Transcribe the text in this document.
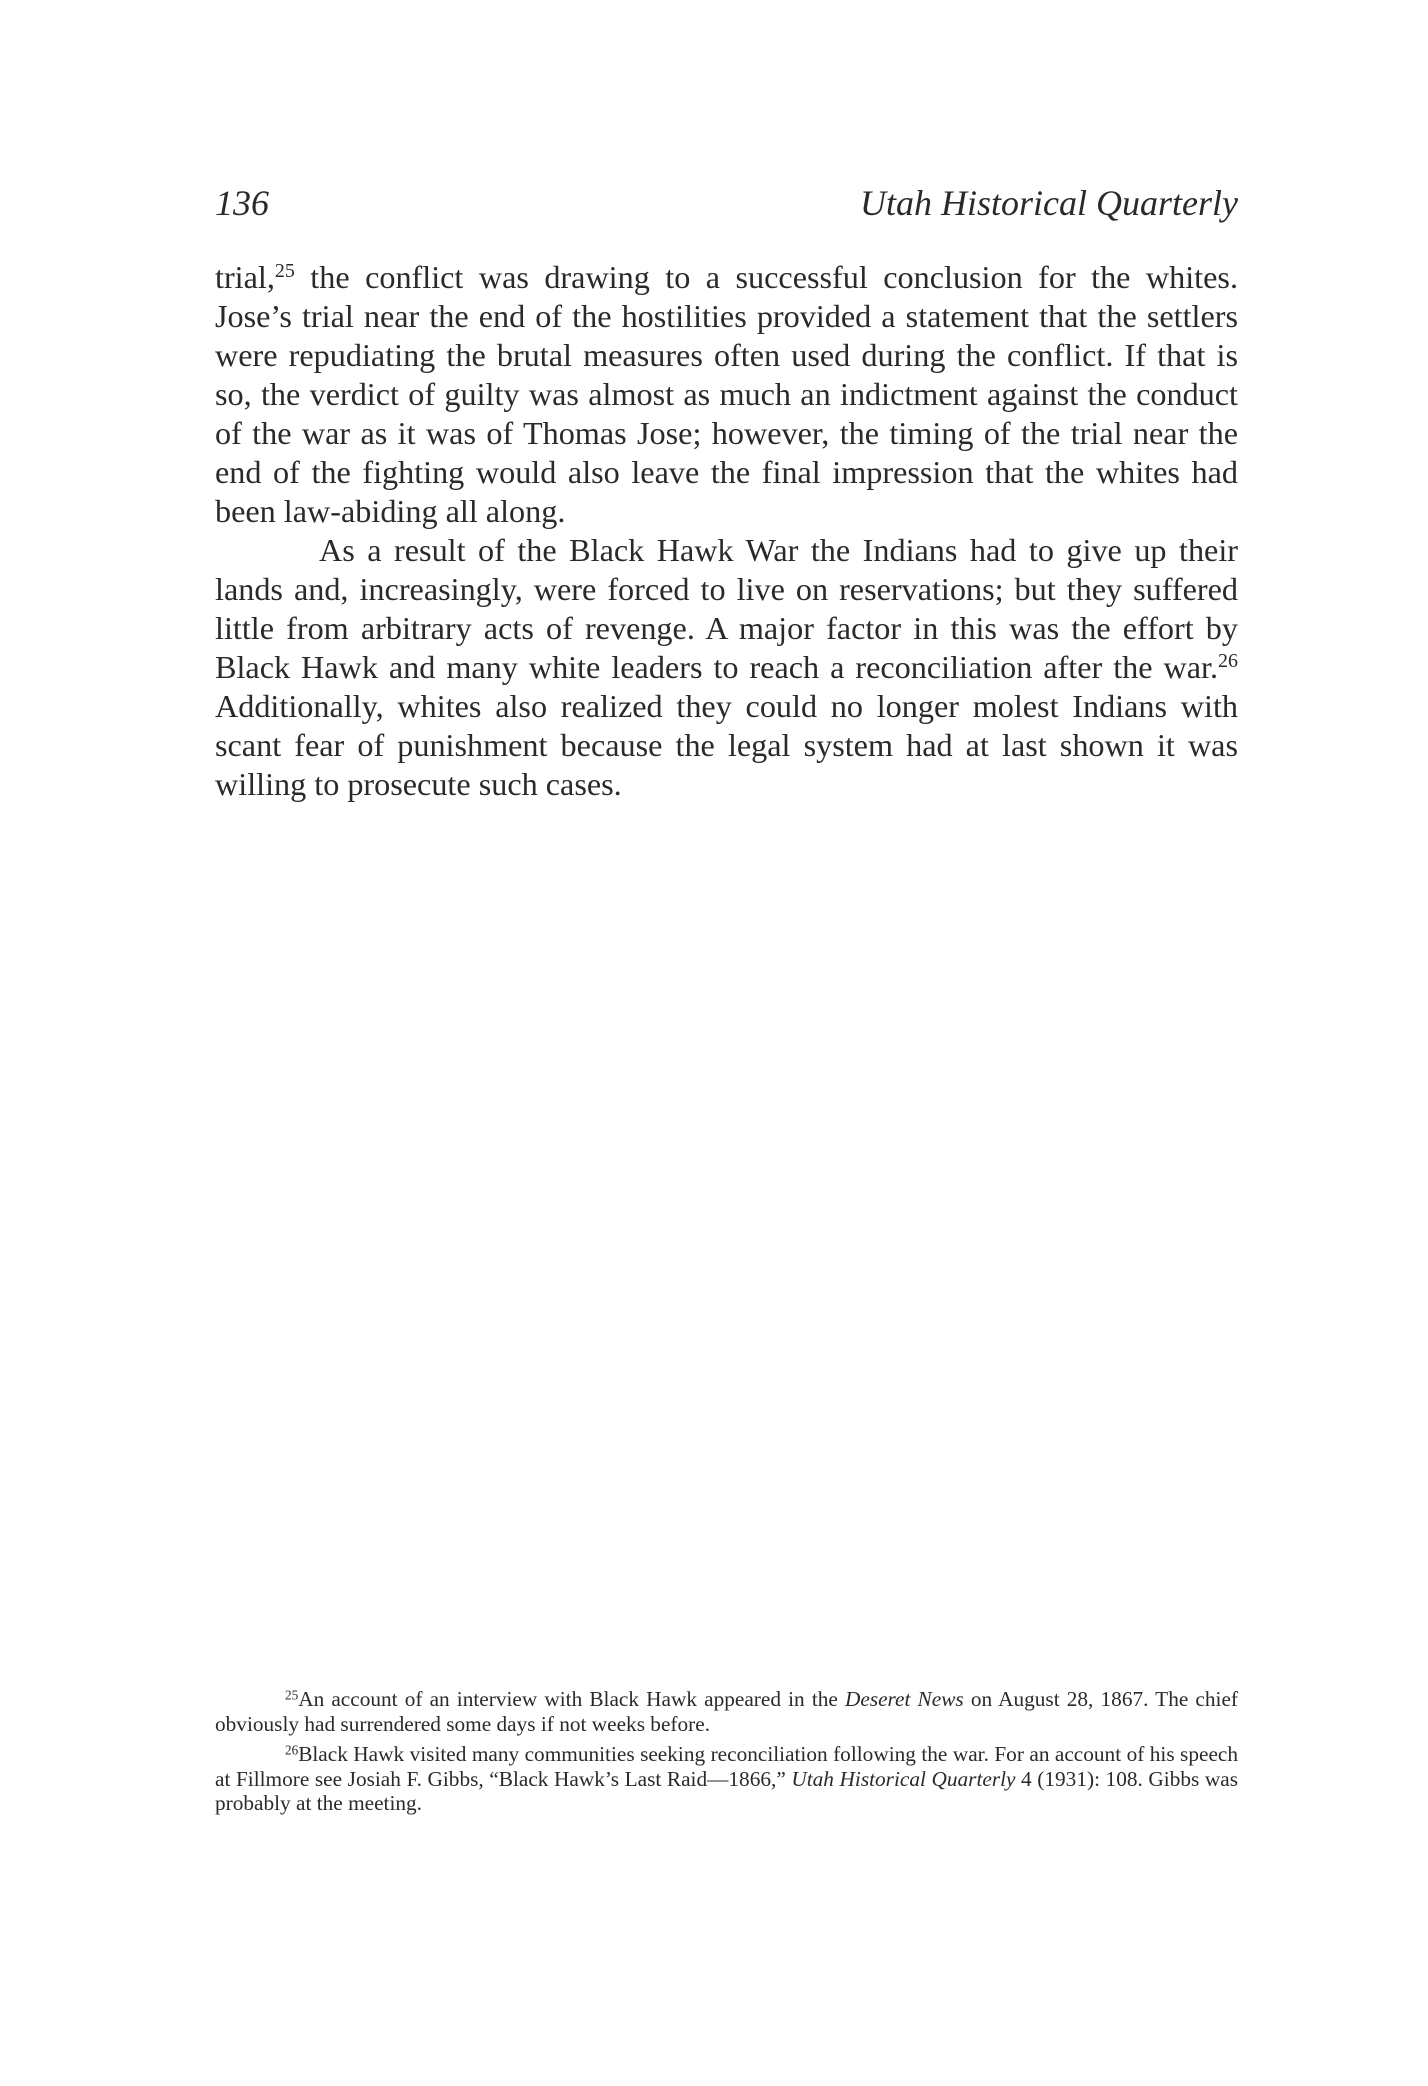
136	Utah Historical Quarterly

trial,$^{25}$ the conflict was drawing to a successful conclusion for the whites. Jose’s trial near the end of the hostilities provided a statement that the settlers were repudiating the brutal measures often used during the conflict. If that is so, the verdict of guilty was almost as much an indictment against the conduct of the war as it was of Thomas Jose; however, the timing of the trial near the end of the fighting would also leave the final impression that the whites had been law-abiding all along.

As a result of the Black Hawk War the Indians had to give up their lands and, increasingly, were forced to live on reservations; but they suffered little from arbitrary acts of revenge. A major factor in this was the effort by Black Hawk and many white leaders to reach a reconciliation after the war.$^{26}$ Additionally, whites also realized they could no longer molest Indians with scant fear of punishment because the legal system had at last shown it was willing to prosecute such cases.

$^{25}$An account of an interview with Black Hawk appeared in the Deseret News on August 28, 1867. The chief obviously had surrendered some days if not weeks before.

$^{26}$Black Hawk visited many communities seeking reconciliation following the war. For an account of his speech at Fillmore see Josiah F. Gibbs, “Black Hawk’s Last Raid—1866,” Utah Historical Quarterly 4 (1931): 108. Gibbs was probably at the meeting.
